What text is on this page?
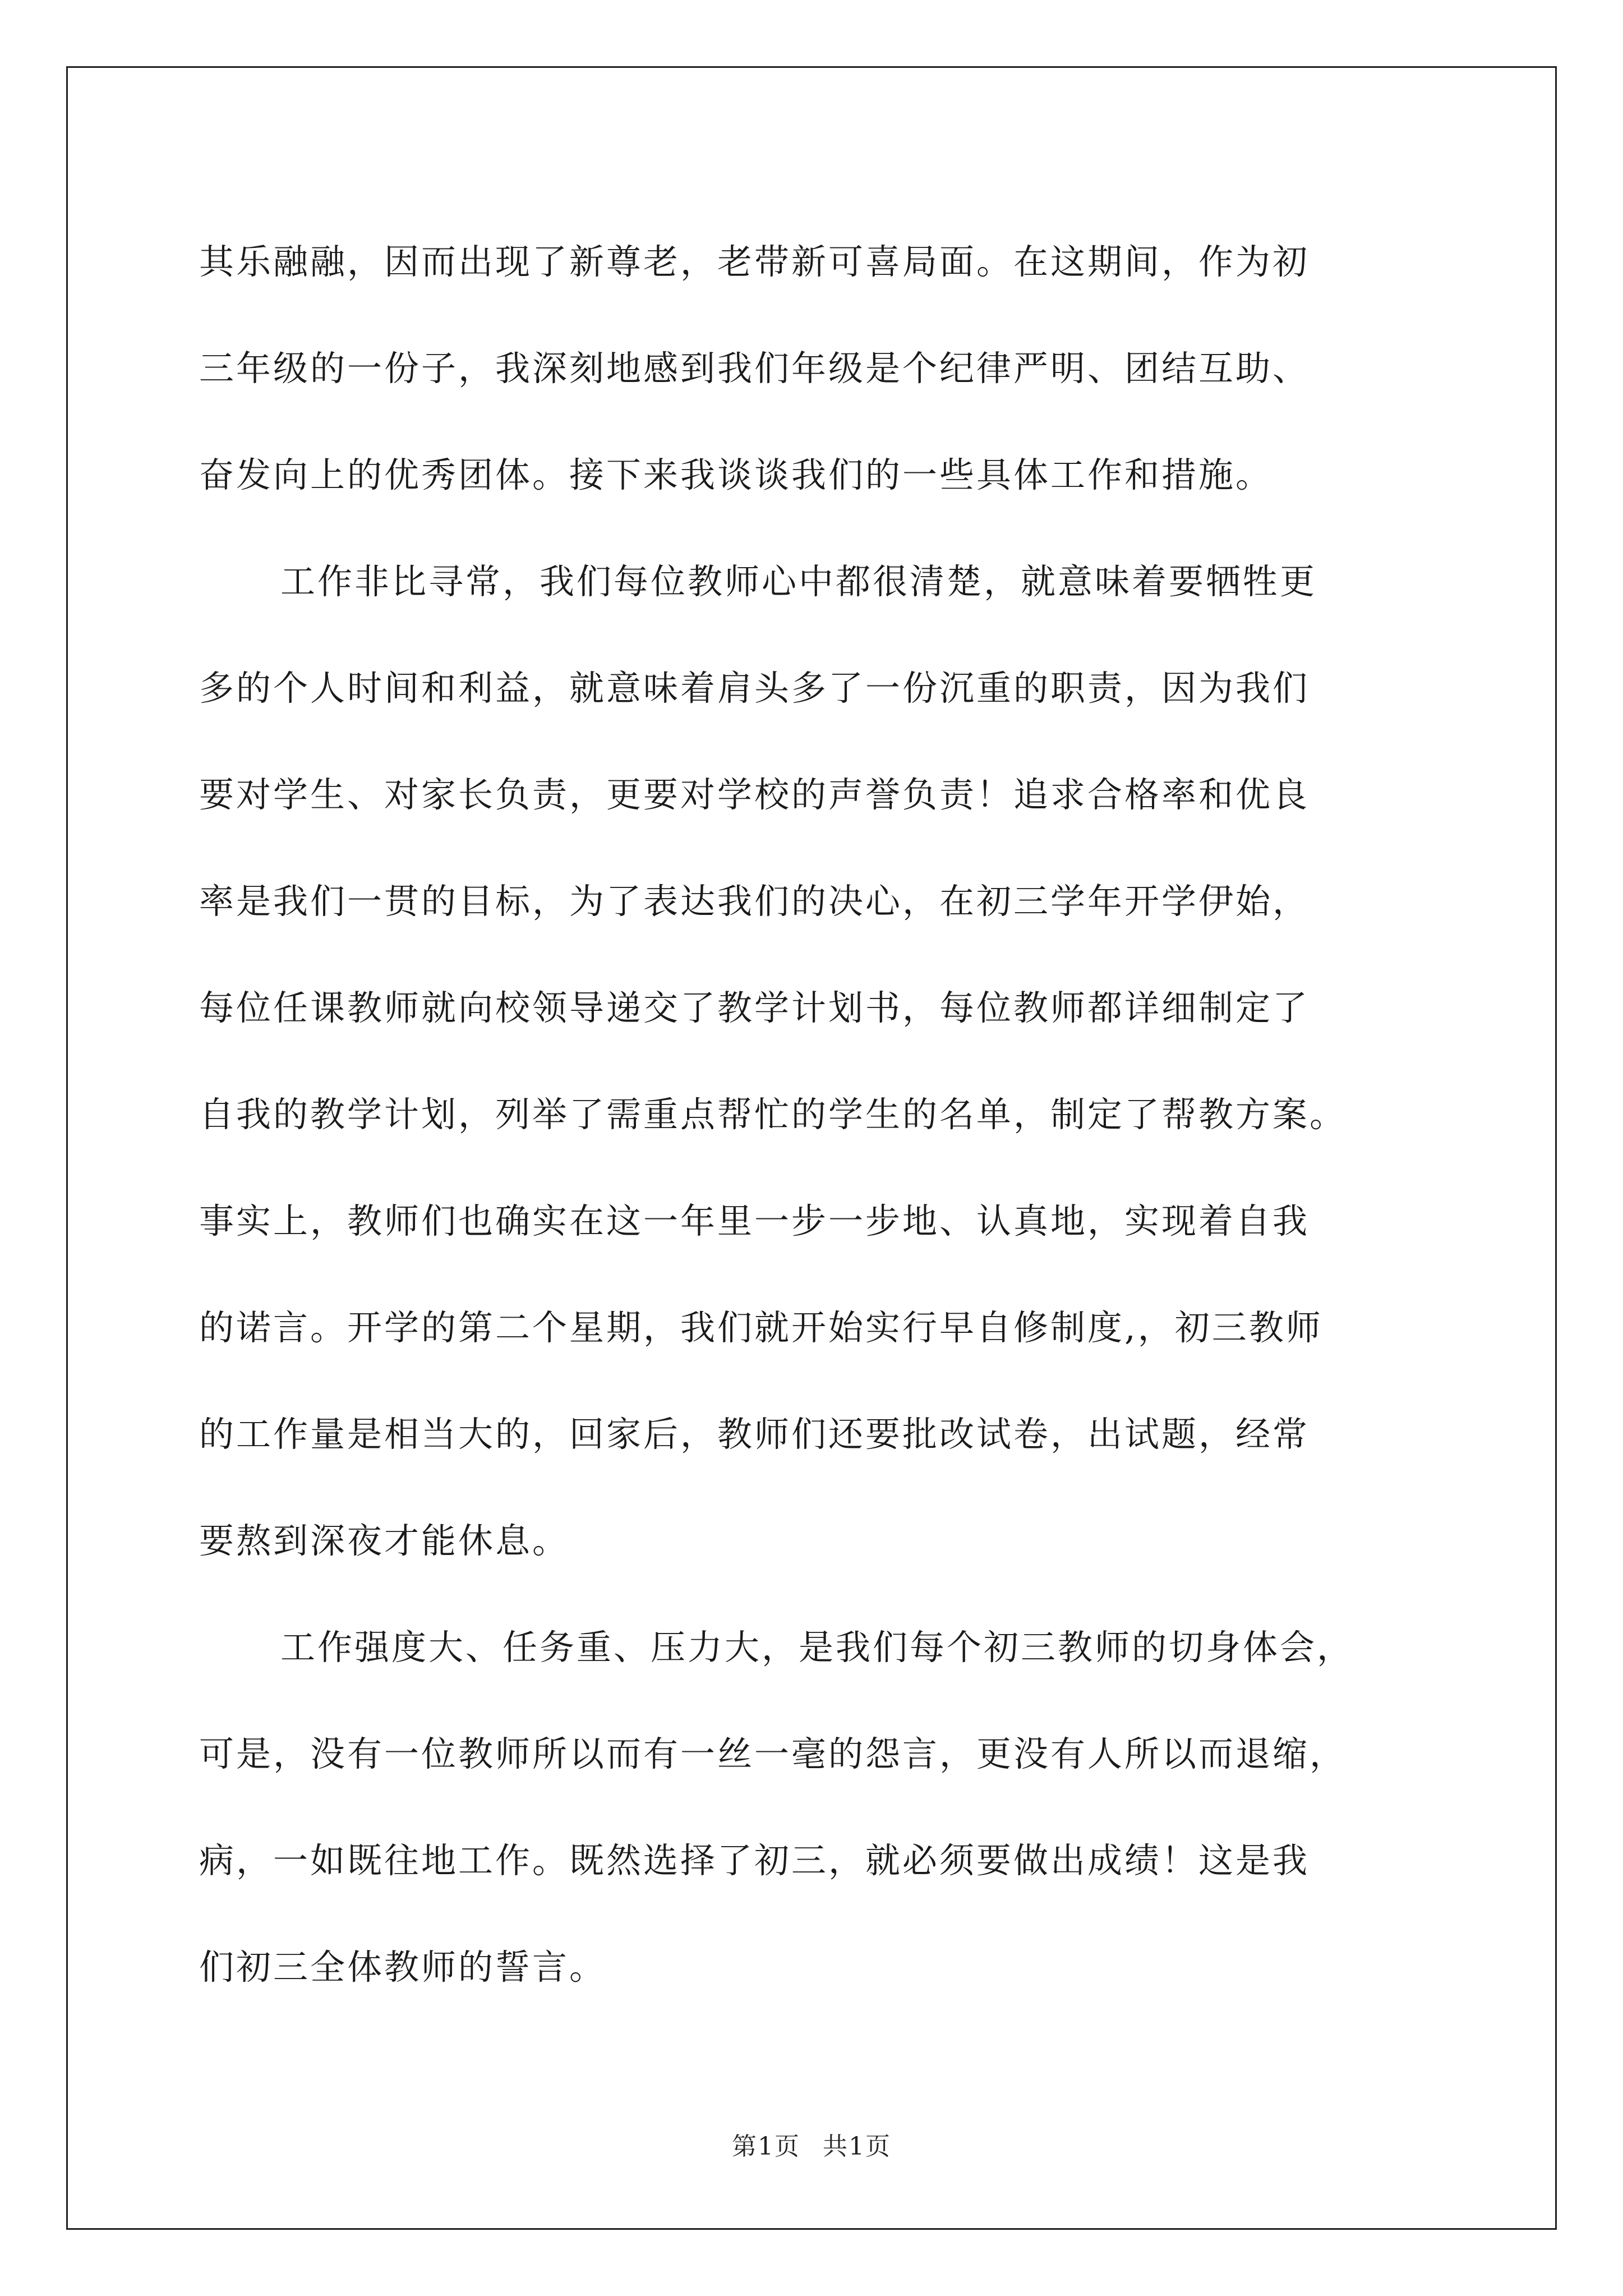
其乐融融，因而出现了新尊老，老带新可喜局面。在这期间，作为初
三年级的一份子，我深刻地感到我们年级是个纪律严明、团结互助、
奋发向上的优秀团体。接下来我谈谈我们的一些具体工作和措施。
工作非比寻常，我们每位教师心中都很清楚，就意味着要牺牲更
多的个人时间和利益，就意味着肩头多了一份沉重的职责，因为我们
要对学生、对家长负责，更要对学校的声誉负责！追求合格率和优良
率是我们一贯的目标，为了表达我们的决心，在初三学年开学伊始，
每位任课教师就向校领导递交了教学计划书，每位教师都详细制定了
自我的教学计划，列举了需重点帮忙的学生的名单，制定了帮教方案。
事实上，教师们也确实在这一年里一步一步地、认真地，实现着自我
的诺言。开学的第二个星期，我们就开始实行早自修制度,，初三教师
的工作量是相当大的，回家后，教师们还要批改试卷，出试题，经常
要熬到深夜才能休息。
工作强度大、任务重、压力大，是我们每个初三教师的切身体会，
可是，没有一位教师所以而有一丝一毫的怨言，更没有人所以而退缩，
病，一如既往地工作。既然选择了初三，就必须要做出成绩！这是我
们初三全体教师的誓言。
第1页 共1页
